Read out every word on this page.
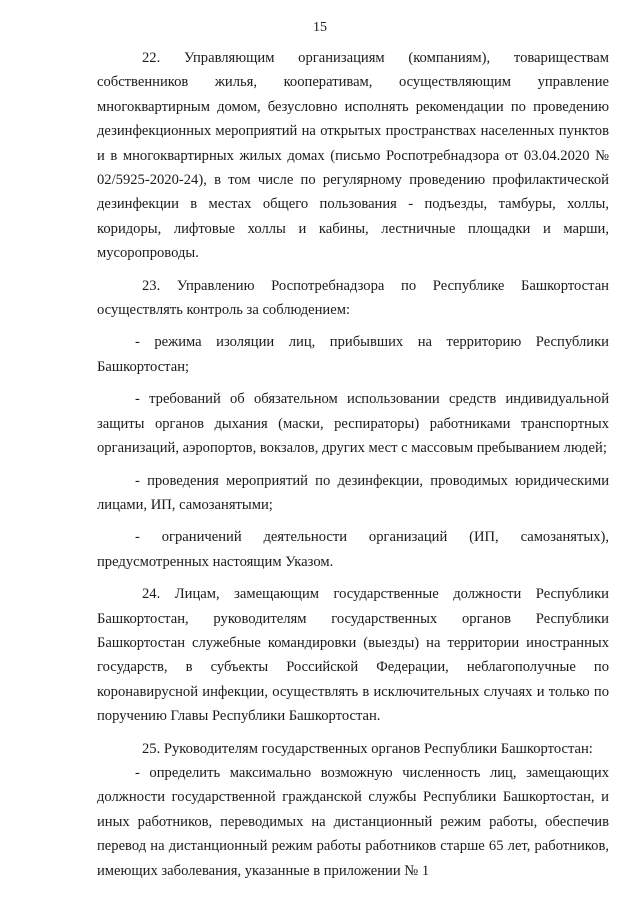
15

22. Управляющим организациям (компаниям), товариществам собственников жилья, кооперативам, осуществляющим управление многоквартирным домом, безусловно исполнять рекомендации по проведению дезинфекционных мероприятий на открытых пространствах населенных пунктов и в многоквартирных жилых домах (письмо Роспотребнадзора от 03.04.2020 № 02/5925-2020-24), в том числе по регулярному проведению профилактической дезинфекции в местах общего пользования - подъезды, тамбуры, холлы, коридоры, лифтовые холлы и кабины, лестничные площадки и марши, мусоропроводы.

23. Управлению Роспотребнадзора по Республике Башкортостан осуществлять контроль за соблюдением:

- режима изоляции лиц, прибывших на территорию Республики Башкортостан;

- требований об обязательном использовании средств индивидуальной защиты органов дыхания (маски, респираторы) работниками транспортных организаций, аэропортов, вокзалов, других мест с массовым пребыванием людей;

- проведения мероприятий по дезинфекции, проводимых юридическими лицами, ИП, самозанятыми;

- ограничений деятельности организаций (ИП, самозанятых), предусмотренных настоящим Указом.

24. Лицам, замещающим государственные должности Республики Башкортостан, руководителям государственных органов Республики Башкортостан служебные командировки (выезды) на территории иностранных государств, в субъекты Российской Федерации, неблагополучные по коронавирусной инфекции, осуществлять в исключительных случаях и только по поручению Главы Республики Башкортостан.

25. Руководителям государственных органов Республики Башкортостан:

- определить максимально возможную численность лиц, замещающих должности государственной гражданской службы Республики Башкортостан, и иных работников, переводимых на дистанционный режим работы, обеспечив перевод на дистанционный режим работы работников старше 65 лет, работников, имеющих заболевания, указанные в приложении № 1
